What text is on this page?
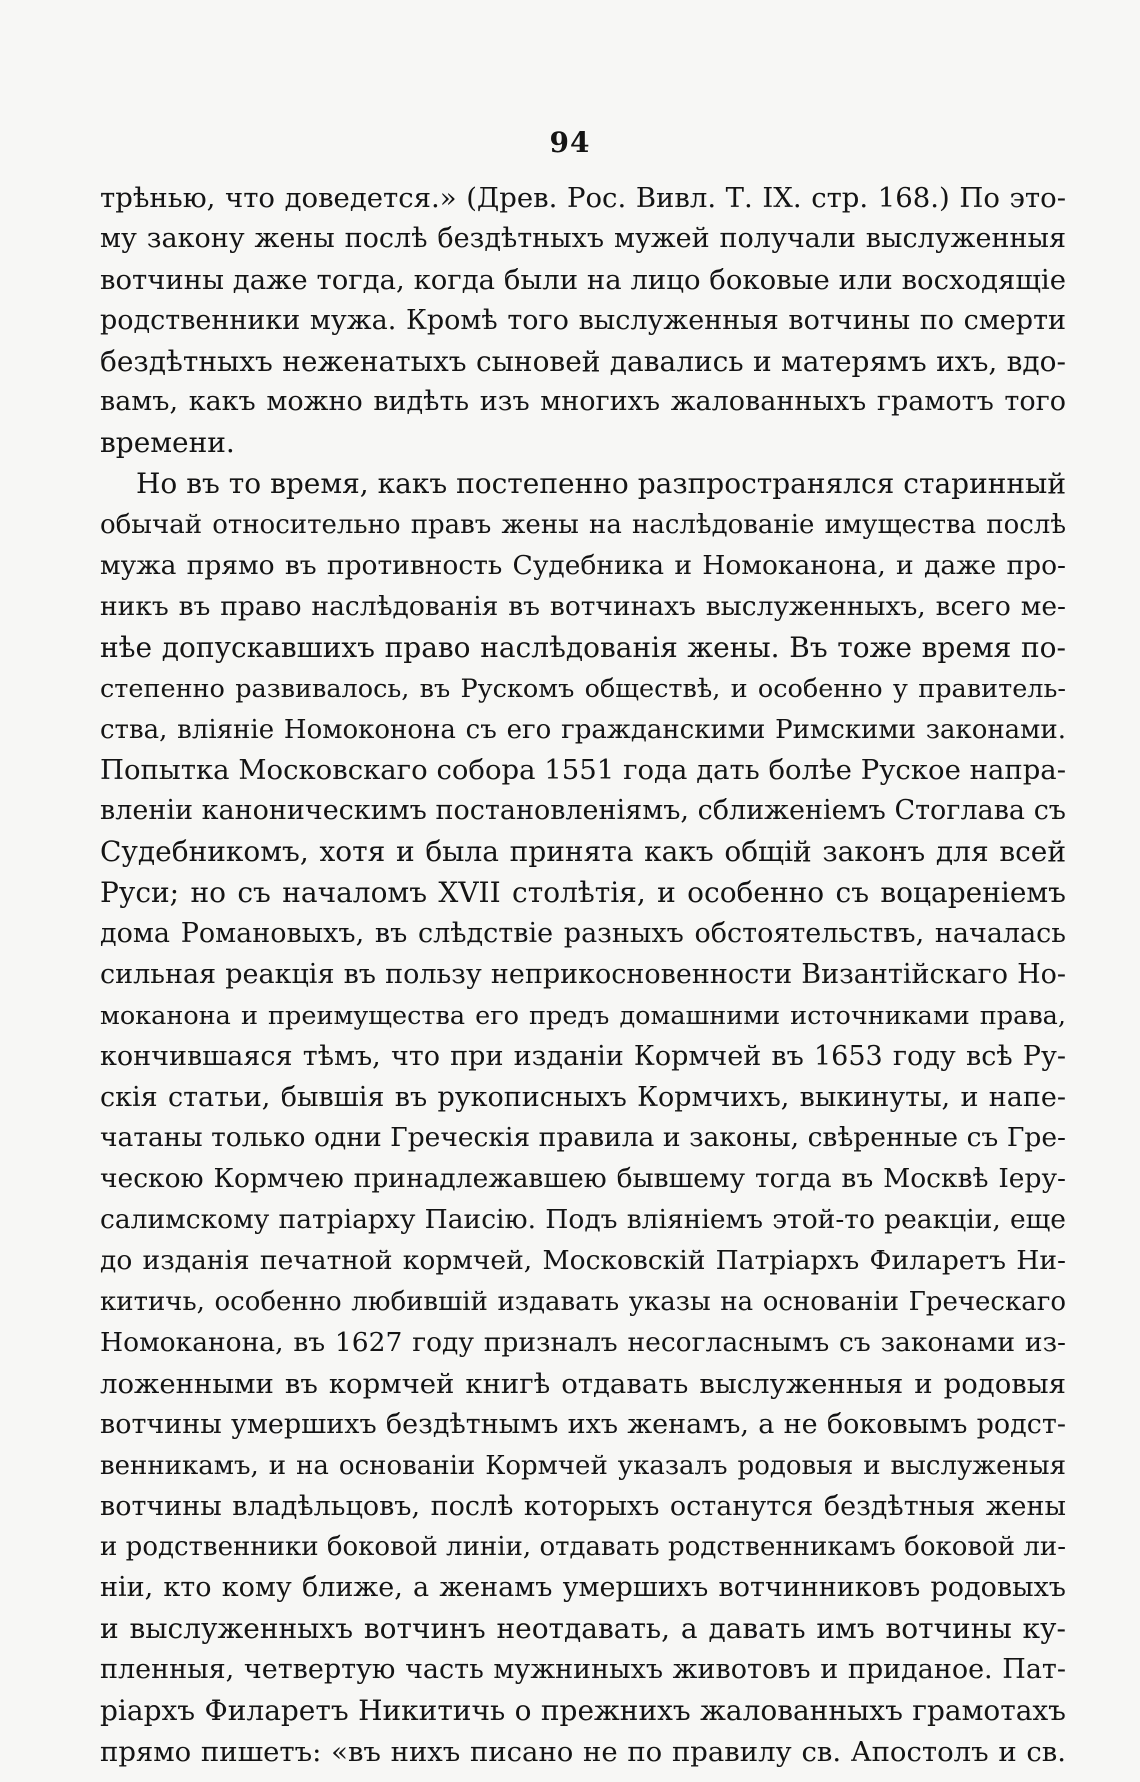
94
трѣнью, что доведется.» (Древ. Рос. Вивл. Т. IX. стр. 168.) По это-
му закону жены послѣ бездѣтныхъ мужей получали выслуженныя
вотчины даже тогда, когда были на лицо боковые или восходящіе
родственники мужа. Кромѣ того выслуженныя вотчины по смерти
бездѣтныхъ неженатыхъ сыновей давались и матерямъ ихъ, вдо-
вамъ, какъ можно видѣть изъ многихъ жалованныхъ грамотъ того
времени.
Но въ то время, какъ постепенно разпространялся старинный
обычай относительно правъ жены на наслѣдованіе имущества послѣ
мужа прямо въ противность Судебника и Номоканона, и даже про-
никъ въ право наслѣдованія въ вотчинахъ выслуженныхъ, всего ме-
нѣе допускавшихъ право наслѣдованія жены. Въ тоже время по-
степенно развивалось, въ Рускомъ обществѣ, и особенно у правитель-
ства, вліяніе Номоконона съ его гражданскими Римскими законами.
Попытка Московскаго собора 1551 года дать болѣе Руское напра-
вленіи каноническимъ постановленіямъ, сближеніемъ Стоглава съ
Судебникомъ, хотя и была принята какъ общій законъ для всей
Руси; но съ началомъ XVII столѣтія, и особенно съ воцареніемъ
дома Романовыхъ, въ слѣдствіе разныхъ обстоятельствъ, началась
сильная реакція въ пользу неприкосновенности Византійскаго Но-
моканона и преимущества его предъ домашними источниками права,
кончившаяся тѣмъ, что при изданіи Кормчей въ 1653 году всѣ Ру-
скія статьи, бывшія въ рукописныхъ Кормчихъ, выкинуты, и напе-
чатаны только одни Греческія правила и законы, свѣренные съ Гре-
ческою Кормчею принадлежавшею бывшему тогда въ Москвѣ Іеру-
салимскому патріарху Паисію. Подъ вліяніемъ этой-то реакціи, еще
до изданія печатной кормчей, Московскій Патріархъ Филаретъ Ни-
китичь, особенно любившій издавать указы на основаніи Греческаго
Номоканона, въ 1627 году призналъ несогласнымъ съ законами из-
ложенными въ кормчей книгѣ отдавать выслуженныя и родовыя
вотчины умершихъ бездѣтнымъ ихъ женамъ, а не боковымъ родст-
венникамъ, и на основаніи Кормчей указалъ родовыя и выслуженыя
вотчины владѣльцовъ, послѣ которыхъ останутся бездѣтныя жены
и родственники боковой линіи, отдавать родственникамъ боковой ли-
ніи, кто кому ближе, а женамъ умершихъ вотчинниковъ родовыхъ
и выслуженныхъ вотчинъ неотдавать, а давать имъ вотчины ку-
пленныя, четвертую часть мужниныхъ животовъ и приданое. Пат-
ріархъ Филаретъ Никитичь о прежнихъ жалованныхъ грамотахъ
прямо пишетъ: «въ нихъ писано не по правилу св. Апостолъ и св.
